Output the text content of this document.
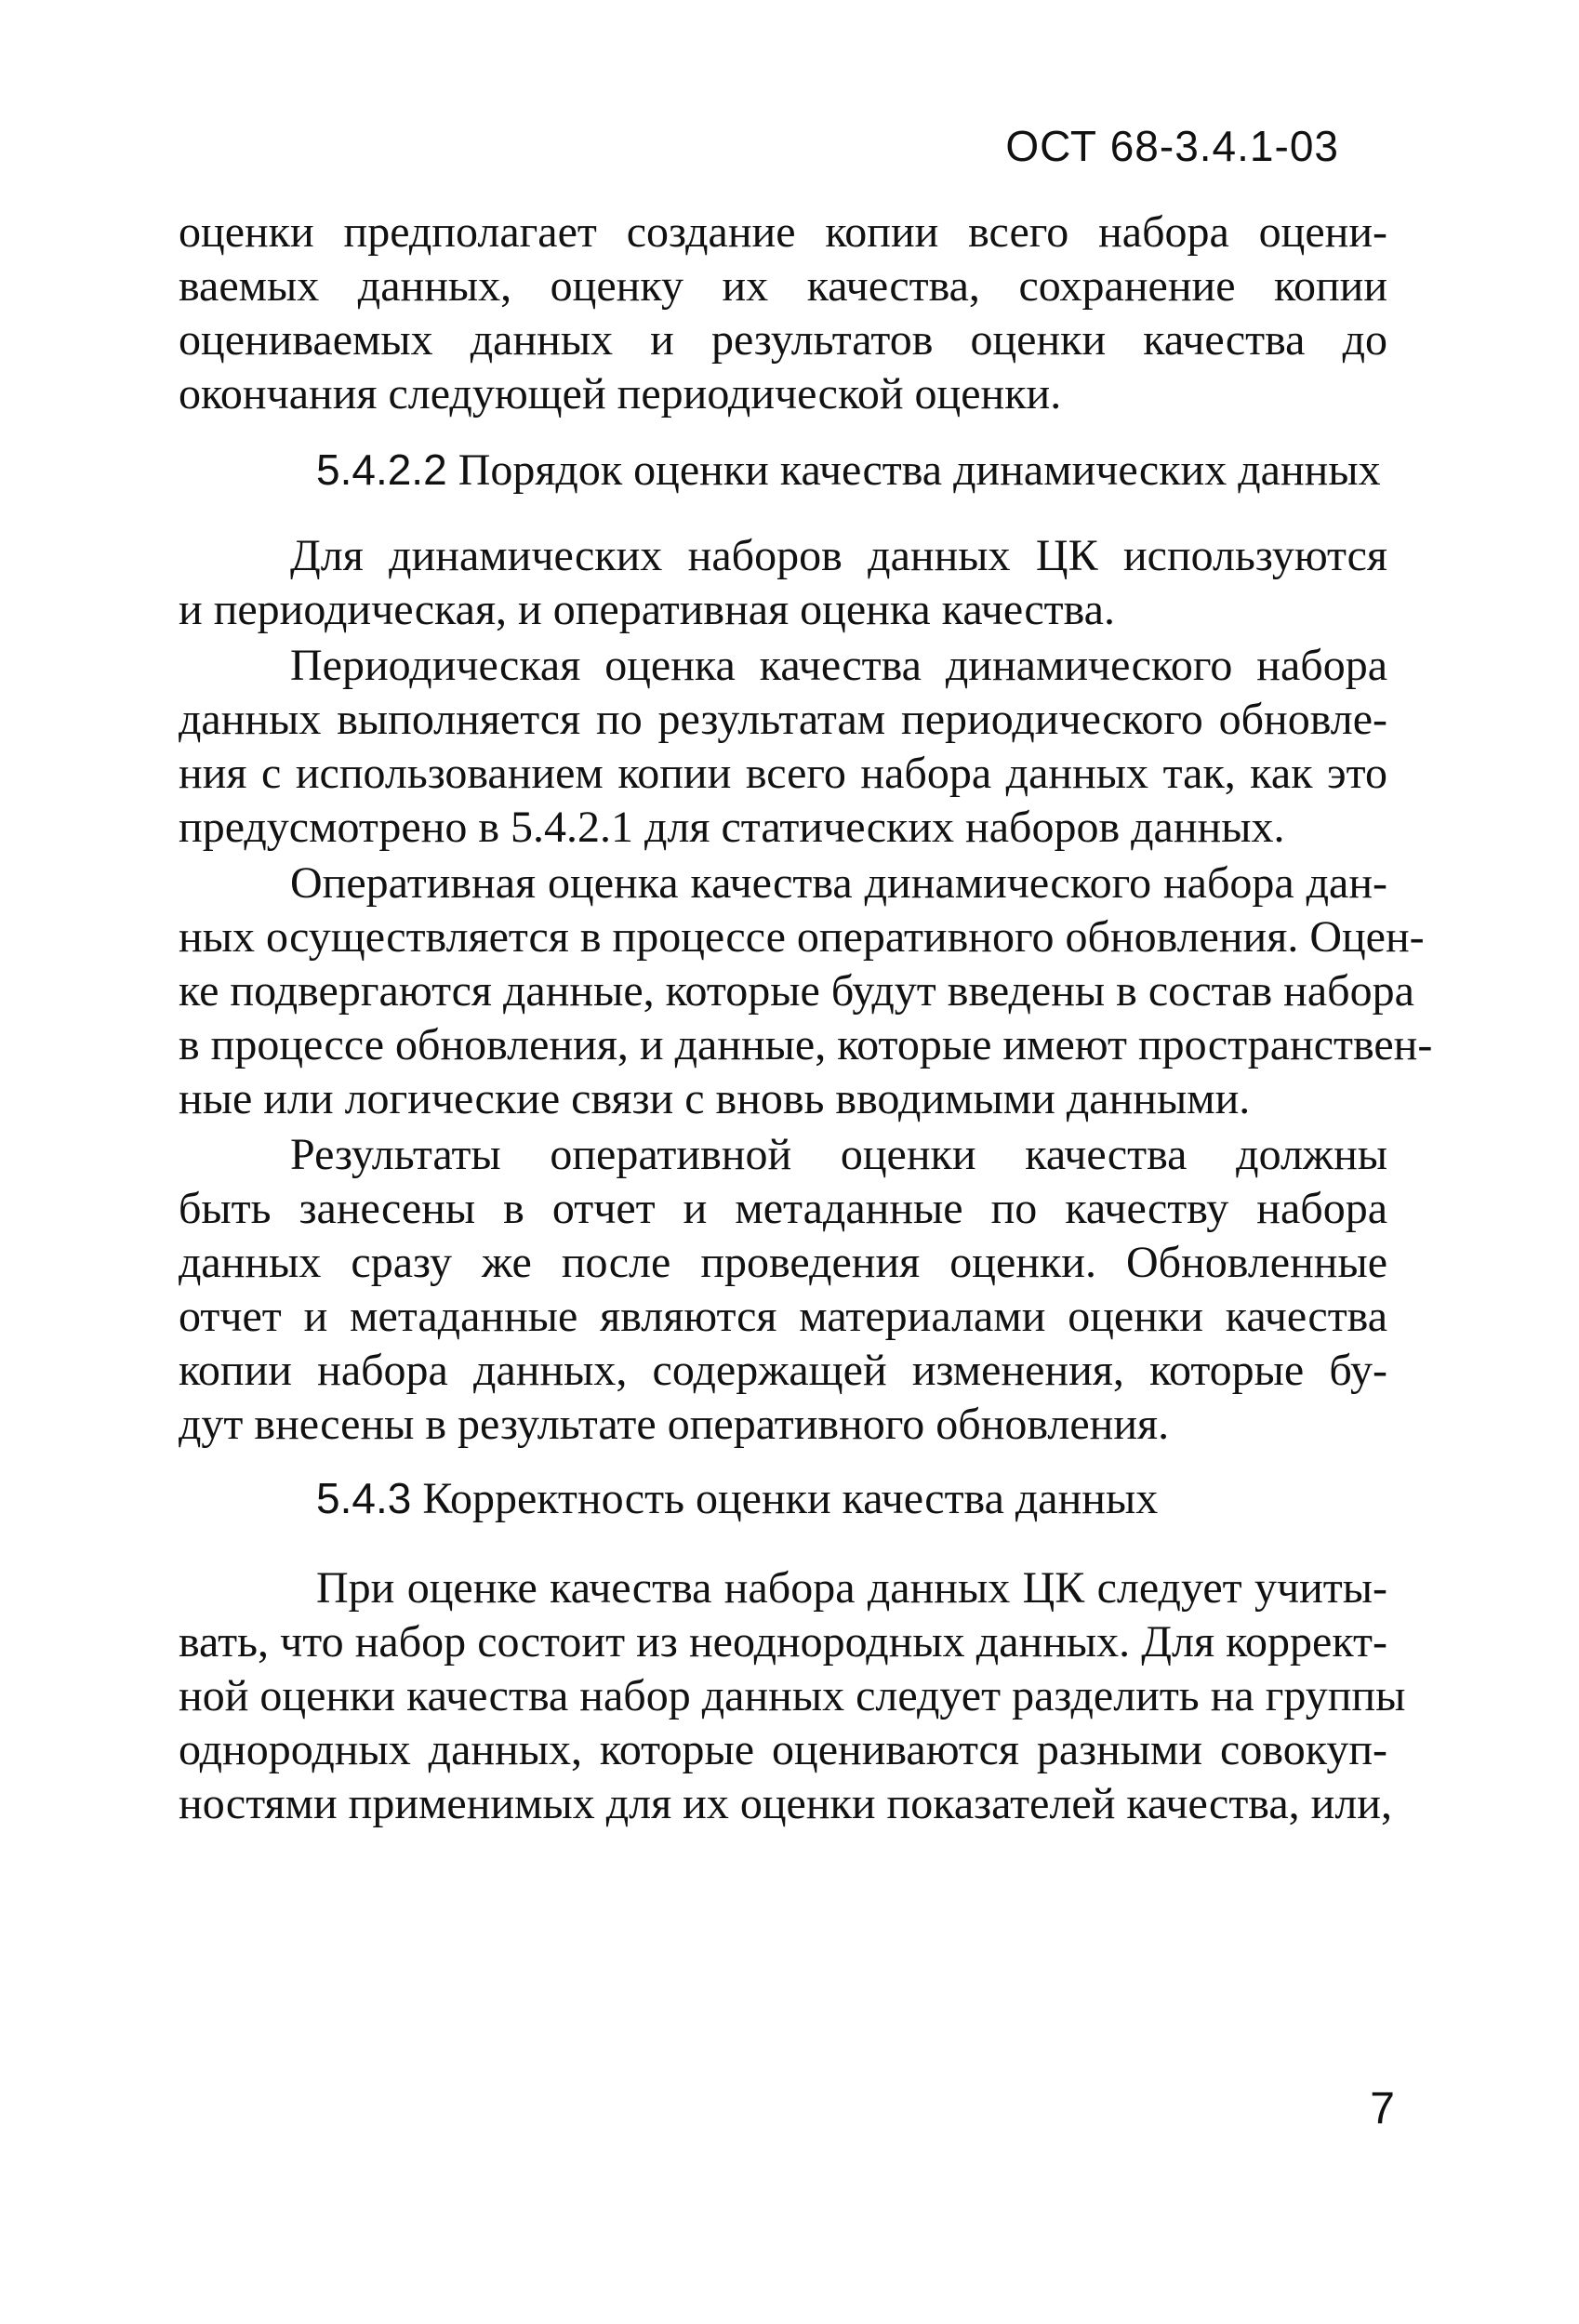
ОСТ 68-3.4.1-03
оценки предполагает создание копии всего набора оцени-
ваемых данных, оценку их качества, сохранение копии
оцениваемых данных и результатов оценки качества до
окончания следующей периодической оценки.
5.4.2.2 Порядок оценки качества динамических данных
Для динамических наборов данных ЦК используются
и периодическая, и оперативная оценка качества.
Периодическая оценка качества динамического набора
данных выполняется по результатам периодического обновле-
ния с использованием копии всего набора данных так, как это
предусмотрено в 5.4.2.1 для статических наборов данных.
Оперативная оценка качества динамического набора дан-
ных осуществляется в процессе оперативного обновления. Оцен-
ке подвергаются данные, которые будут введены в состав набора
в процессе обновления, и данные, которые имеют пространствен-
ные или логические связи с вновь вводимыми данными.
Результаты оперативной оценки качества должны
быть занесены в отчет и метаданные по качеству набора
данных сразу же после проведения оценки. Обновленные
отчет и метаданные являются материалами оценки качества
копии набора данных, содержащей изменения, которые бу-
дут внесены в результате оперативного обновления.
5.4.3 Корректность оценки качества данных
При оценке качества набора данных ЦК следует учиты-
вать, что набор состоит из неоднородных данных. Для коррект-
ной оценки качества набор данных следует разделить на группы
однородных данных, которые оцениваются разными совокуп-
ностями применимых для их оценки показателей качества, или,
7
